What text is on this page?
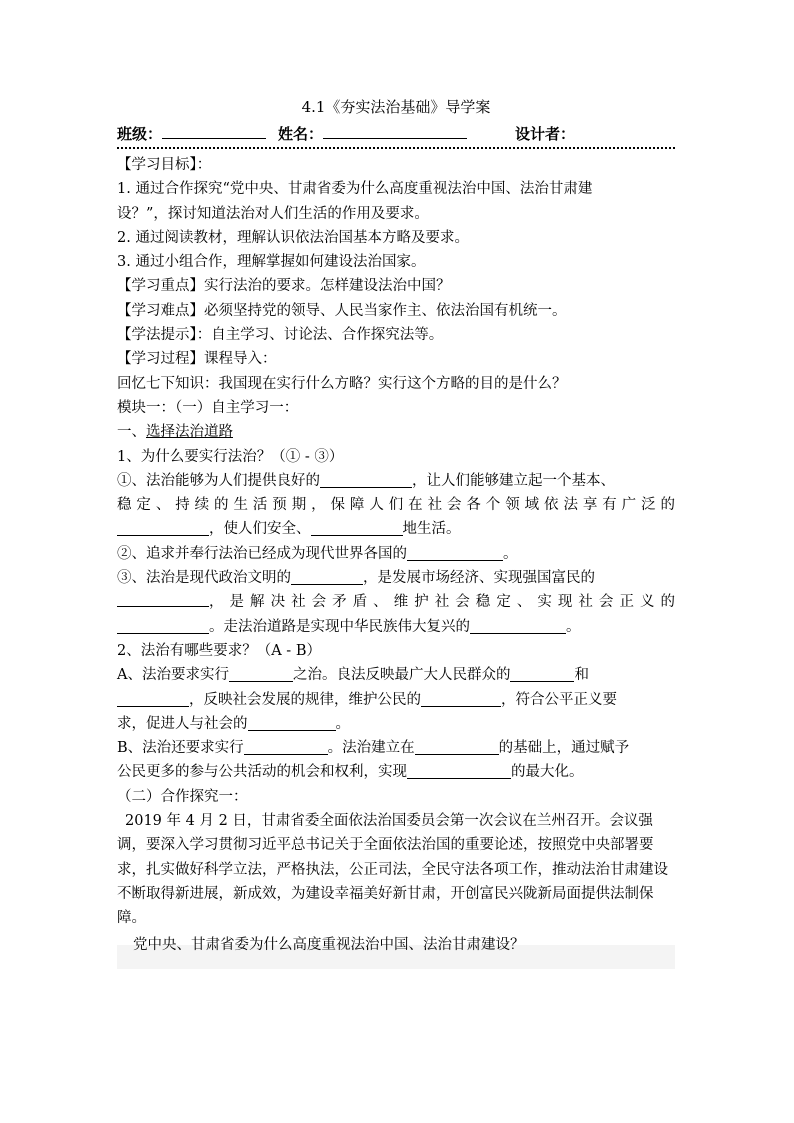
4.1《夯实法治基础》导学案
班级：	姓名：	设计者：
【学习目标】：
1. 通过合作探究“党中央、甘肃省委为什么高度重视法治中国、法治甘肃建
设？”，探讨知道法治对人们生活的作用及要求。
2. 通过阅读教材，理解认识依法治国基本方略及要求。
3. 通过小组合作，理解掌握如何建设法治国家。
【学习重点】实行法治的要求。怎样建设法治中国？
【学习难点】必须坚持党的领导、人民当家作主、依法治国有机统一。
【学法提示】：自主学习、讨论法、合作探究法等。
【学习过程】课程导入：
回忆七下知识：我国现在实行什么方略？实行这个方略的目的是什么？
模块一：（一）自主学习一：
一、选择法治道路
1、为什么要实行法治？（① - ③）
①、法治能够为人们提供良好的	，让人们能够建立起一个基本、
稳定、持续的生活预期，保障人们在社会各个领域依法享有广泛的
，使人们安全、	地生活。
②、追求并奉行法治已经成为现代世界各国的	。
③、法治是现代政治文明的	，是发展市场经济、实现强国富民的
，是解决社会矛盾、维护社会稳定、实现社会正义的
。走法治道路是实现中华民族伟大复兴的	。
2、法治有哪些要求？（A - B）
A、法治要求实行	之治。良法反映最广大人民群众的	和
，反映社会发展的规律，维护公民的	，符合公平正义要
求，促进人与社会的	。
B、法治还要求实行	。法治建立在	的基础上，通过赋予
公民更多的参与公共活动的机会和权利，实现	的最大化。
（二）合作探究一：
2019 年 4 月 2 日，甘肃省委全面依法治国委员会第一次会议在兰州召开。会议强调，要深入学习贯彻习近平总书记关于全面依法治国的重要论述，按照党中央部署要求，扎实做好科学立法，严格执法，公正司法，全民守法各项工作，推动法治甘肃建设不断取得新进展，新成效，为建设幸福美好新甘肃，开创富民兴陇新局面提供法制保障。
党中央、甘肃省委为什么高度重视法治中国、法治甘肃建设？
